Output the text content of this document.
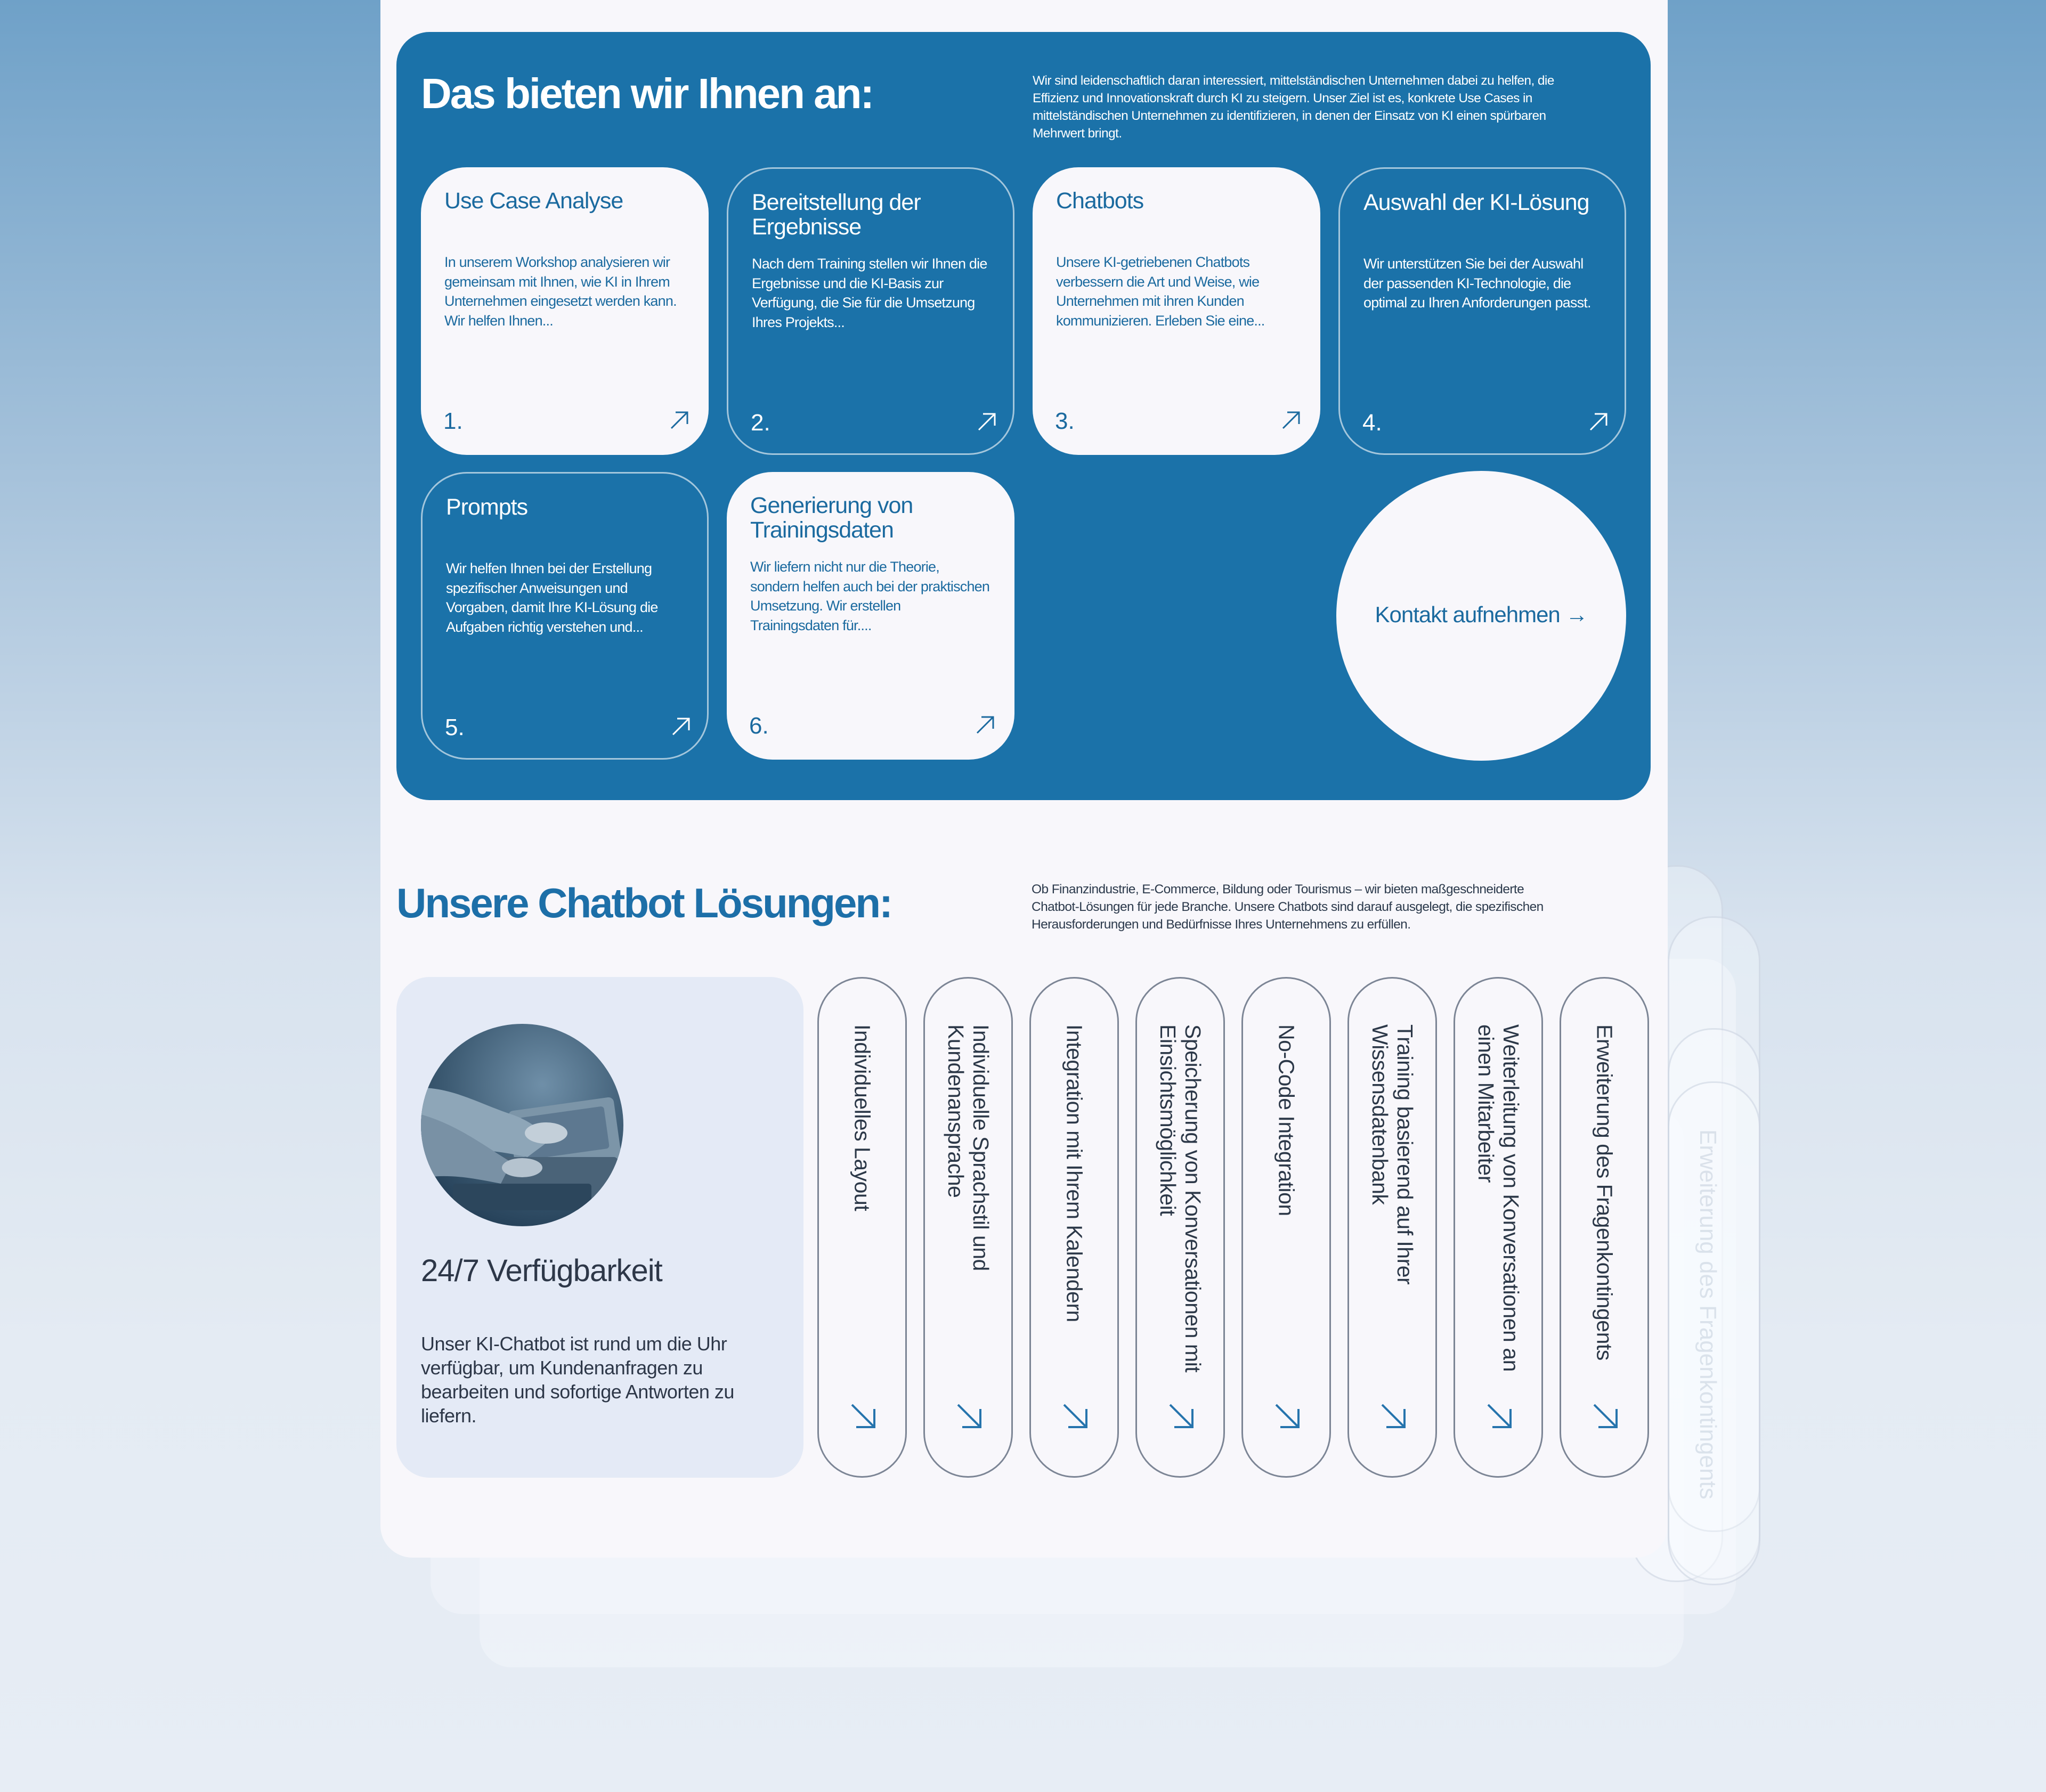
Erweiterung des Fragenkontingents
Das bieten wir Ihnen an:	Wir sind leidenschaftlich daran interessiert, mittelständischen Unternehmen dabei zu helfen, die Effizienz und Innovationskraft durch KI zu steigern. Unser Ziel ist es, konkrete Use Cases in mittelständischen Unternehmen zu identifizieren, in denen der Einsatz von KI einen spürbaren Mehrwert bringt.
Use Case Analyse
In unserem Workshop analysieren wir gemeinsam mit Ihnen, wie KI in Ihrem Unternehmen eingesetzt werden kann. Wir helfen Ihnen...
1.
Bereitstellung der Ergebnisse
Nach dem Training stellen wir Ihnen die Ergebnisse und die KI-Basis zur Verfügung, die Sie für die Umsetzung Ihres Projekts...
2.
Chatbots
Unsere KI-getriebenen Chatbots verbessern die Art und Weise, wie Unternehmen mit ihren Kunden kommunizieren. Erleben Sie eine...
3.
Auswahl der KI-Lösung
Wir unterstützen Sie bei der Auswahl der passenden KI-Technologie, die optimal zu Ihren Anforderungen passt.
4.
Prompts
Wir helfen Ihnen bei der Erstellung spezifischer Anweisungen und Vorgaben, damit Ihre KI-Lösung die Aufgaben richtig verstehen und...
5.
Generierung von Trainingsdaten
Wir liefern nicht nur die Theorie, sondern helfen auch bei der praktischen Umsetzung. Wir erstellen Trainingsdaten für....
6.
Kontakt aufnehmen →
Unsere Chatbot Lösungen:	Ob Finanzindustrie, E-Commerce, Bildung oder Tourismus – wir bieten maßgeschneiderte Chatbot-Lösungen für jede Branche. Unsere Chatbots sind darauf ausgelegt, die spezifischen Herausforderungen und Bedürfnisse Ihres Unternehmens zu erfüllen.
24/7 Verfügbarkeit
Unser KI-Chatbot ist rund um die Uhr verfügbar, um Kundenanfragen zu bearbeiten und sofortige Antworten zu liefern.
Individuelles Layout	Individuelle Sprachstil und Kundenansprache	Integration mit Ihrem Kalendern	Speicherung von Konversationen mit Einsichtsmöglichkeit	No-Code Integration	Training basierend auf Ihrer Wissensdatenbank	Weiterleitung von Konversationen an einen Mitarbeiter	Erweiterung des Fragenkontingents
